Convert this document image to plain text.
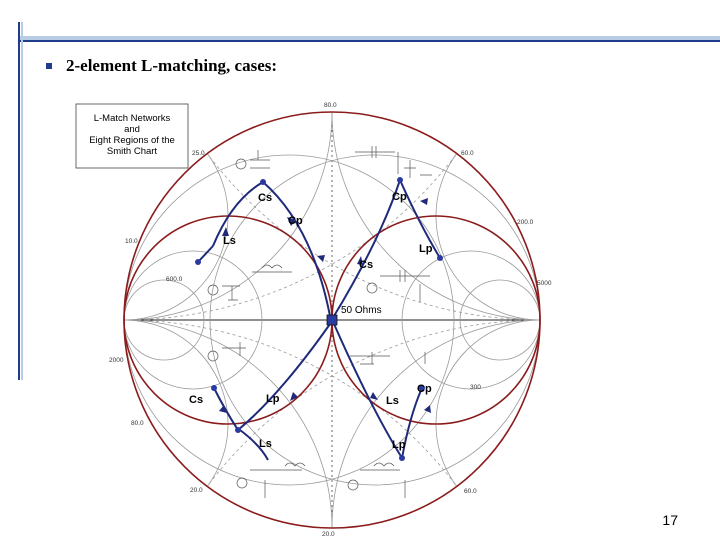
2-element L-matching, cases:
L-Match Networks
and
Eight Regions of the
Smith Chart
Cs
Cp
Cp
Ls
Lp
Cs
Cs	Lp	Ls
Cp
Ls	Lp
50 Ohms
80.0
60.0
25.0
200.0
5000
10.0
600.0
2000
80.0
20.0
20.0
60.0
300
17
